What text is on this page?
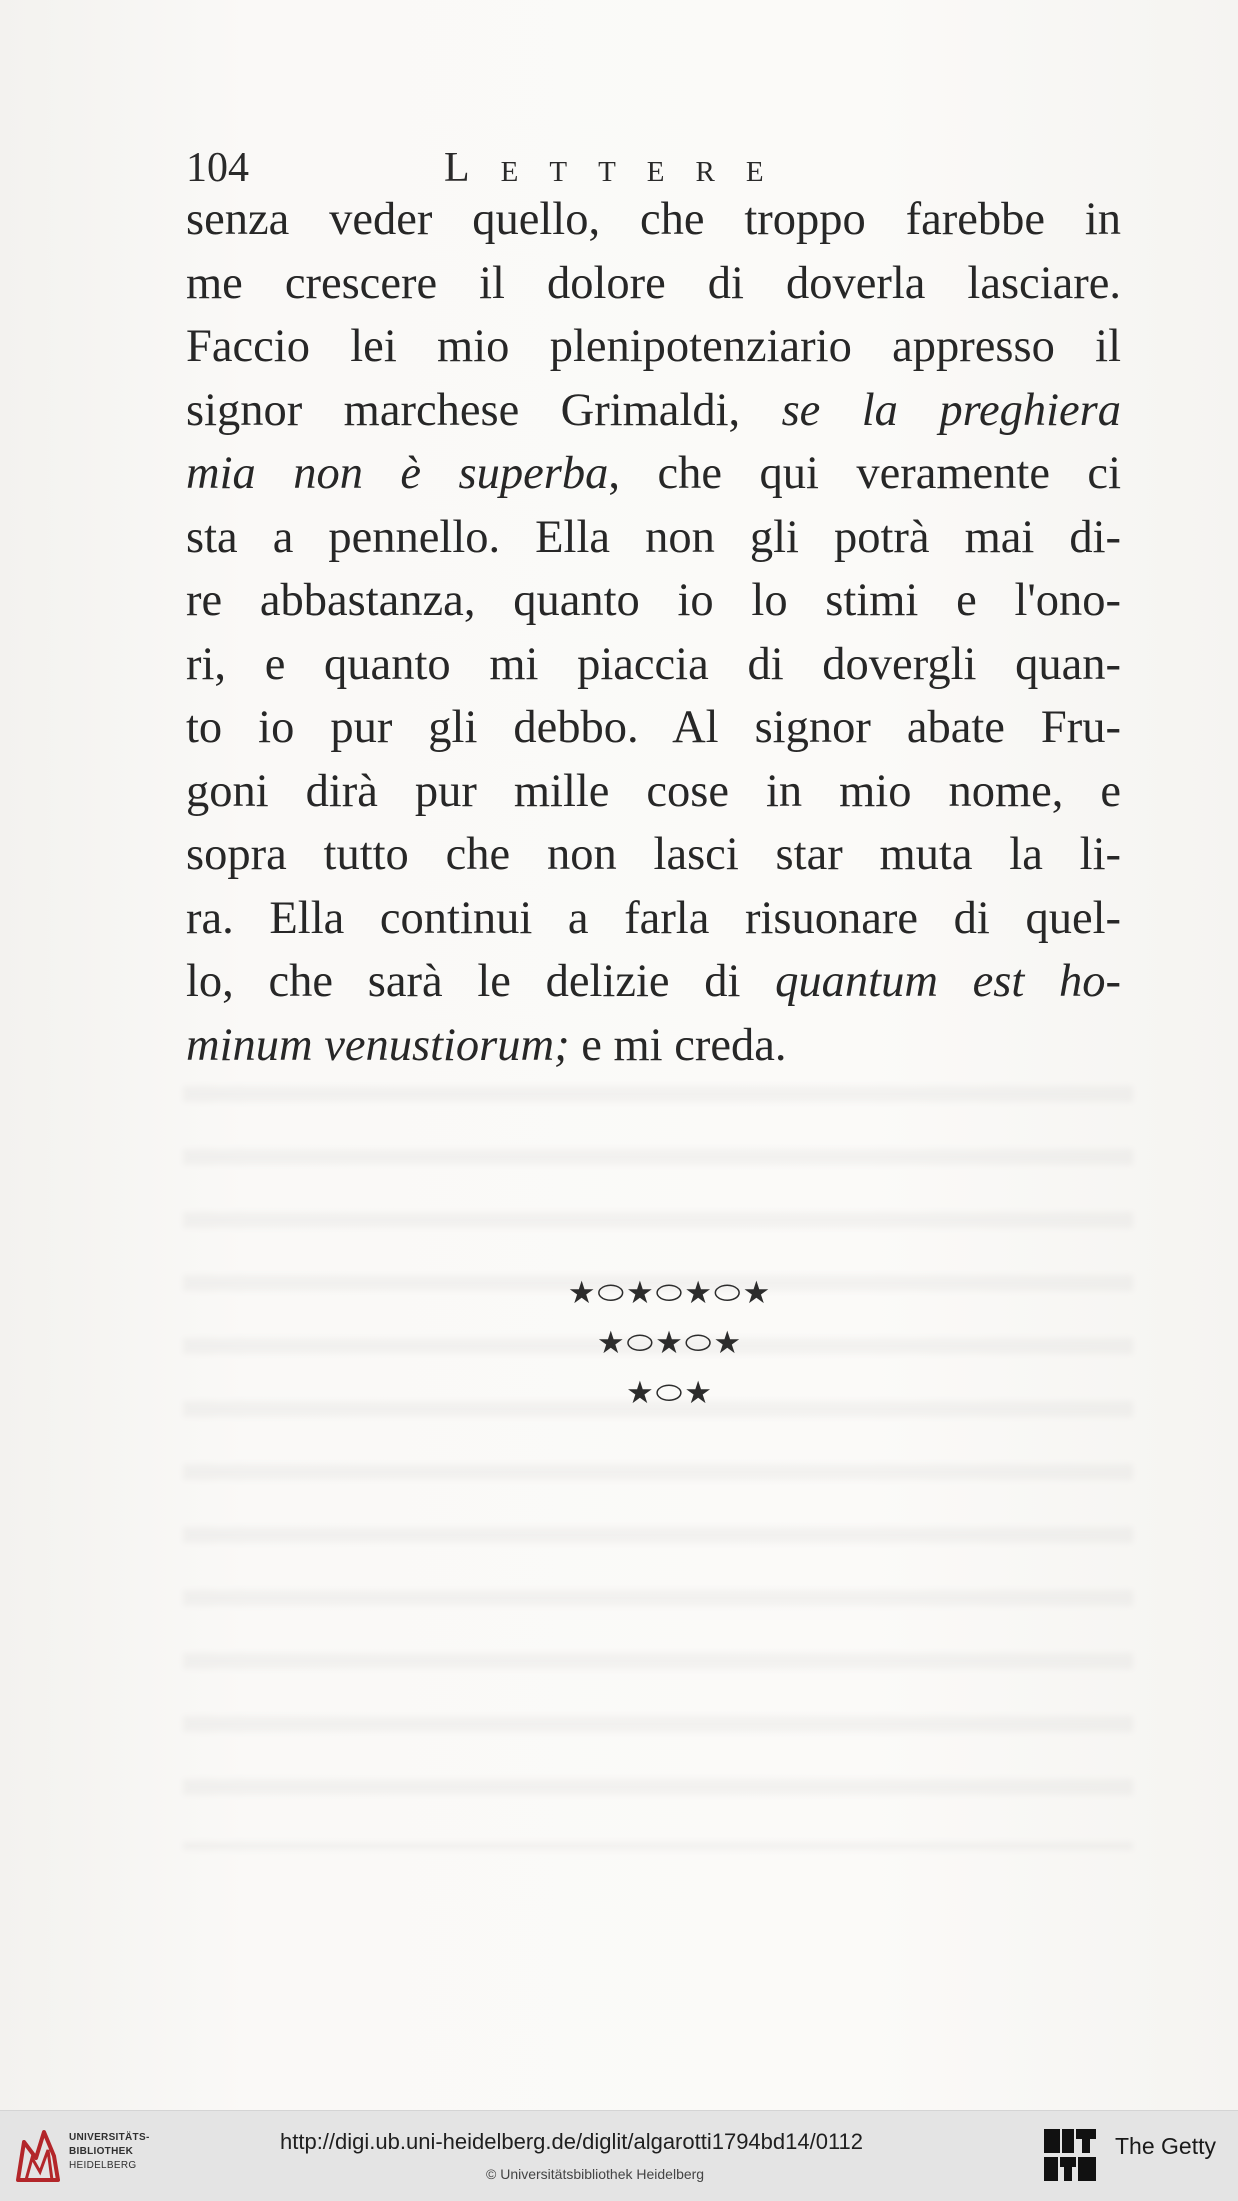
104	Lettere
senza veder quello, che troppo farebbe in
me crescere il dolore di doverla lasciare.
Faccio lei mio plenipotenziario appresso il
signor marchese Grimaldi, se la preghiera
mia non è superba, che qui veramente ci
sta a pennello. Ella non gli potrà mai di-
re abbastanza, quanto io lo stimi e l'ono-
ri, e quanto mi piaccia di dovergli quan-
to io pur gli debbo. Al signor abate Fru-
goni dirà pur mille cose in mio nome, e
sopra tutto che non lasci star muta la li-
ra. Ella continui a farla risuonare di quel-
lo, che sarà le delizie di quantum est ho-
minum venustiorum; e mi creda.
★⬭★⬭★⬭★
★⬭★⬭★
★⬭★
UNIVERSITÄTS-
BIBLIOTHEK
HEIDELBERG
http://digi.ub.uni-heidelberg.de/diglit/algarotti1794bd14/0112
© Universitätsbibliothek Heidelberg
GETTY The Getty
